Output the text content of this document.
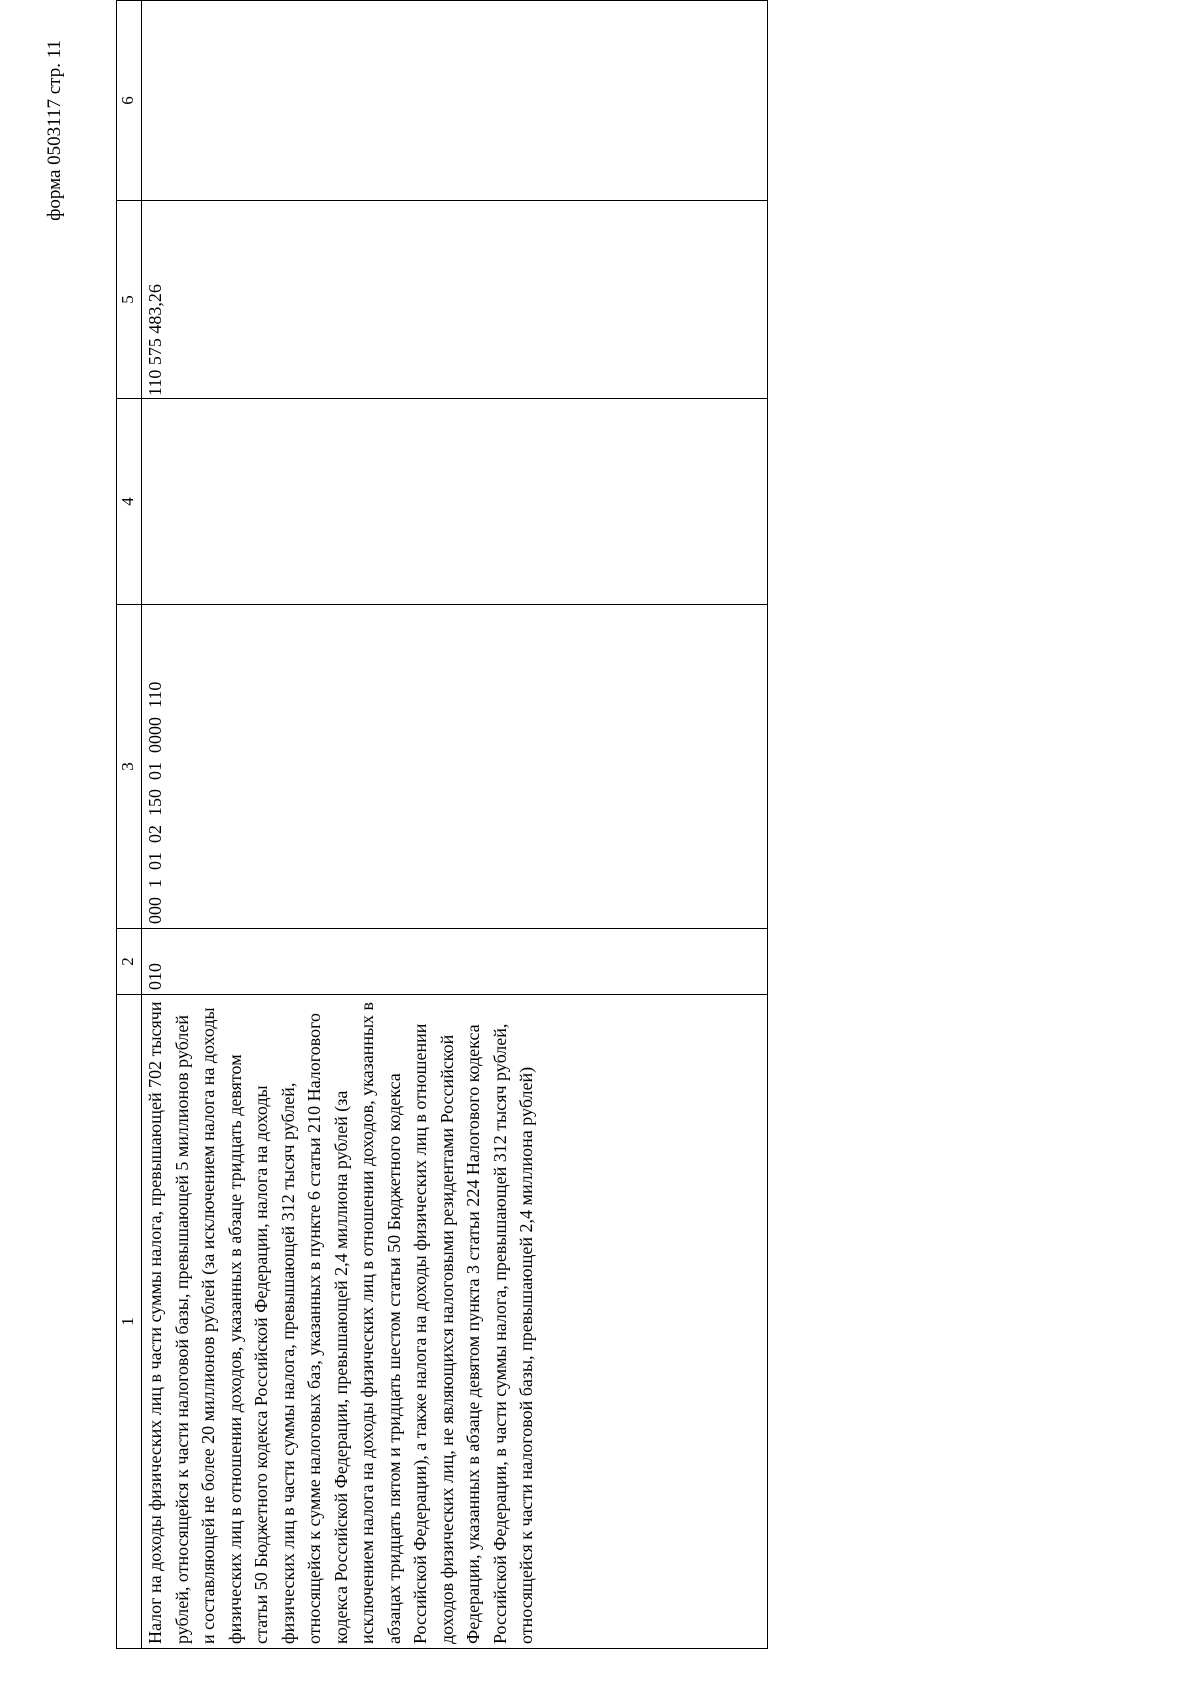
форма 0503117 стр. 11
1	2	3	4	5	6
Налог на доходы физических лиц в части суммы налога, превышающей 702 тысячи рублей, относящейся к части налоговой базы, превышающей 5 миллионов рублей и составляющей не более 20 миллионов рублей (за исключением налога на доходы физических лиц в отношении доходов, указанных в абзаце тридцать девятом статьи 50 Бюджетного кодекса Российской Федерации, налога на доходы физических лиц в части суммы налога, превышающей 312 тысяч рублей, относящейся к сумме налоговых баз, указанных в пункте 6 статьи 210 Налогового кодекса Российской Федерации, превышающей 2,4 миллиона рублей (за исключением налога на доходы физических лиц в отношении доходов, указанных в абзацах тридцать пятом и тридцать шестом статьи 50 Бюджетного кодекса Российской Федерации), а также налога на доходы физических лиц в отношении доходов физических лиц, не являющихся налоговыми резидентами Российской Федерации, указанных в абзаце девятом пункта 3 статьи 224 Налогового кодекса Российской Федерации, в части суммы налога, превышающей 312 тысяч рублей, относящейся к части налоговой базы, превышающей 2,4 миллиона рублей)	010	000  1  01  02  150  01  0000  110		110 575 483,26	
